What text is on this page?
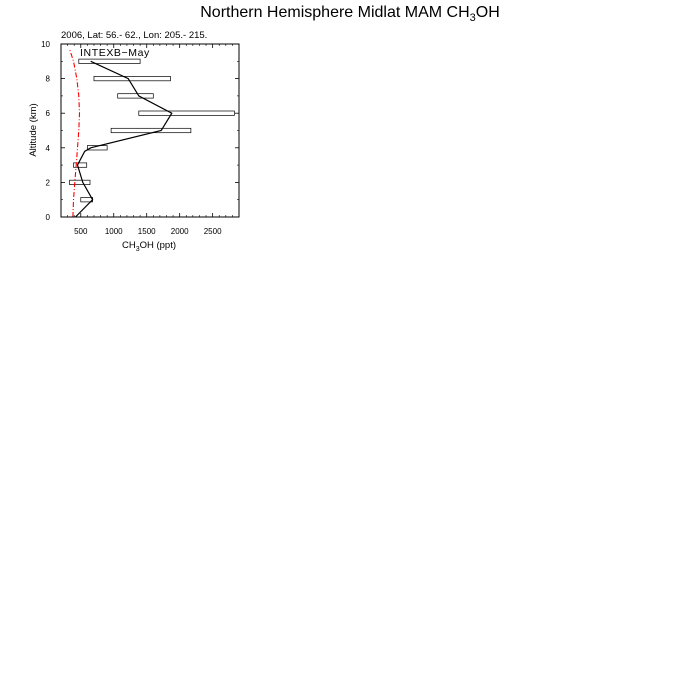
Northern Hemisphere Midlat MAM $CH_3OH$
2006, Lat: 56.- 62., Lon: 205.- 215.
500 1000 1500 2000 2500
0
2
4
6
8
10
INTEXB−May
Altitude (km)
$CH_3OH$ (ppt)
